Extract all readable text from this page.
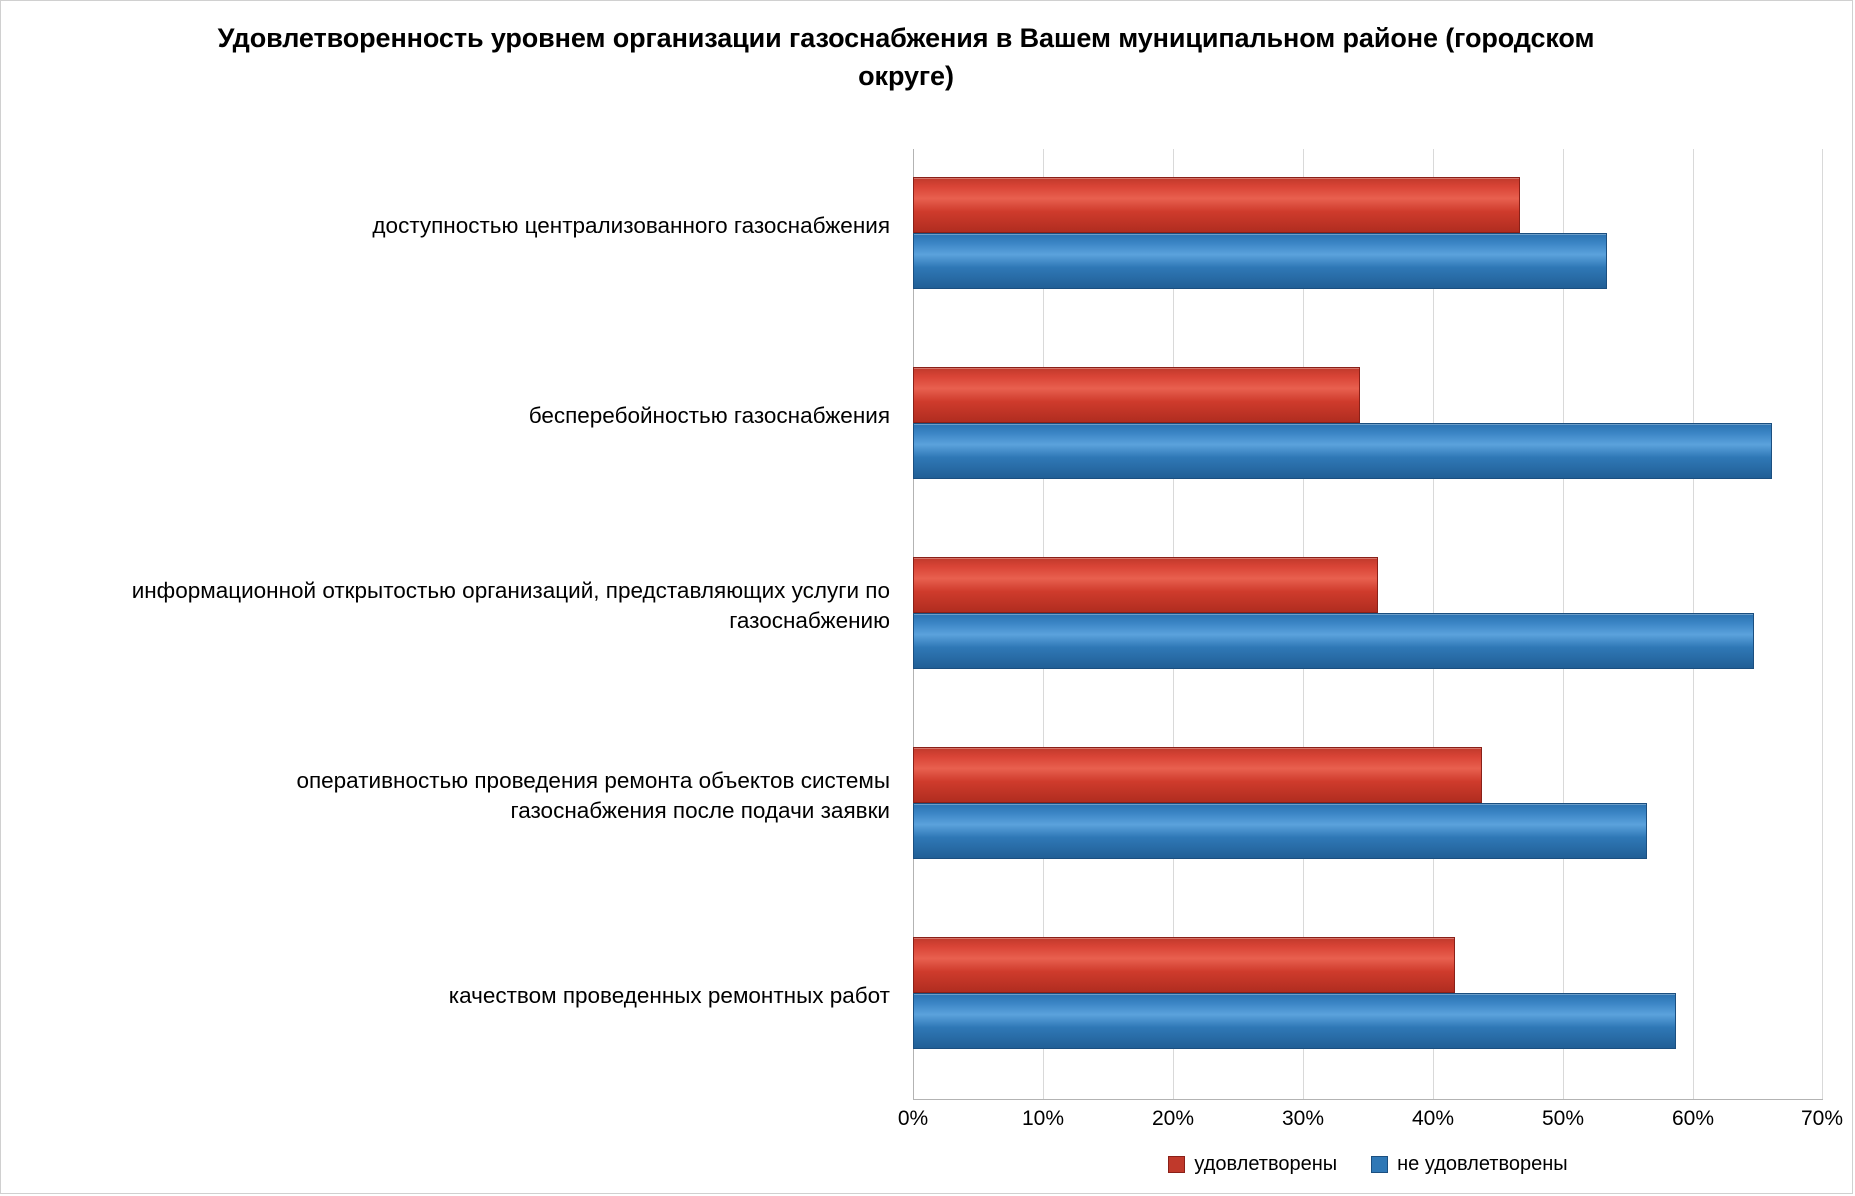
Удовлетворенность уровнем организации газоснабжения в Вашем муниципальном районе (городском округе)
доступностью централизованного газоснабжения
бесперебойностью газоснабжения
информационной открытостью организаций, представляющих услуги по газоснабжению
оперативностью проведения ремонта объектов системы газоснабжения после подачи заявки
качеством проведенных ремонтных работ
0%	10%	20%	30%	40%	50%	60%	70%
удовлетворены	не удовлетворены
